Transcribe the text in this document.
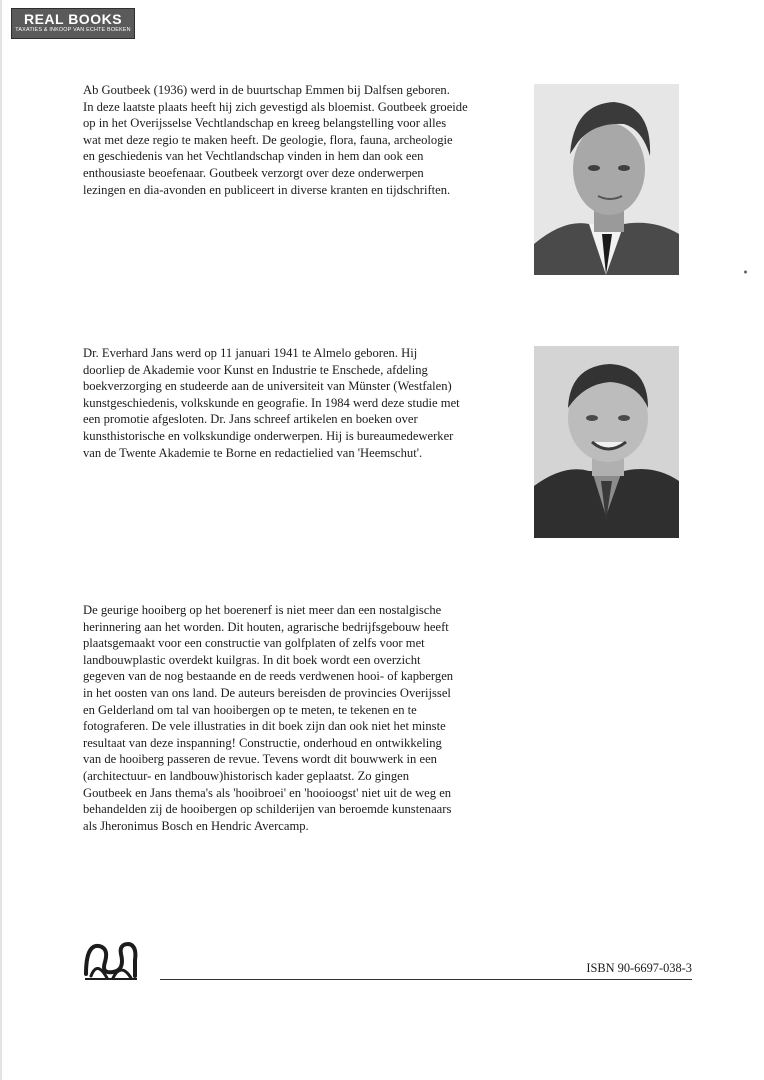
REAL BOOKS
TAXATIES & INKOOP VAN ECHTE BOEKEN
Ab Goutbeek (1936) werd in de buurtschap Emmen bij Dalfsen geboren.
In deze laatste plaats heeft hij zich gevestigd als bloemist. Goutbeek groeide
op in het Overijsselse Vechtlandschap en kreeg belangstelling voor alles
wat met deze regio te maken heeft. De geologie, flora, fauna, archeologie
en geschiedenis van het Vechtlandschap vinden in hem dan ook een
enthousiaste beoefenaar. Goutbeek verzorgt over deze onderwerpen
lezingen en dia-avonden en publiceert in diverse kranten en tijdschriften.
Dr. Everhard Jans werd op 11 januari 1941 te Almelo geboren. Hij
doorliep de Akademie voor Kunst en Industrie te Enschede, afdeling
boekverzorging en studeerde aan de universiteit van Münster (Westfalen)
kunstgeschiedenis, volkskunde en geografie. In 1984 werd deze studie met
een promotie afgesloten. Dr. Jans schreef artikelen en boeken over
kunsthistorische en volkskundige onderwerpen. Hij is bureaumedewerker
van de Twente Akademie te Borne en redactielied van 'Heemschut'.
De geurige hooiberg op het boerenerf is niet meer dan een nostalgische
herinnering aan het worden. Dit houten, agrarische bedrijfsgebouw heeft
plaatsgemaakt voor een constructie van golfplaten of zelfs voor met
landbouwplastic overdekt kuilgras. In dit boek wordt een overzicht
gegeven van de nog bestaande en de reeds verdwenen hooi- of kapbergen
in het oosten van ons land. De auteurs bereisden de provincies Overijssel
en Gelderland om tal van hooibergen op te meten, te tekenen en te
fotograferen. De vele illustraties in dit boek zijn dan ook niet het minste
resultaat van deze inspanning! Constructie, onderhoud en ontwikkeling
van de hooiberg passeren de revue. Tevens wordt dit bouwwerk in een
(architectuur- en landbouw)historisch kader geplaatst. Zo gingen
Goutbeek en Jans thema's als 'hooibroei' en 'hooioogst' niet uit de weg en
behandelden zij de hooibergen op schilderijen van beroemde kunstenaars
als Jheronimus Bosch en Hendric Avercamp.
ISBN 90-6697-038-3
